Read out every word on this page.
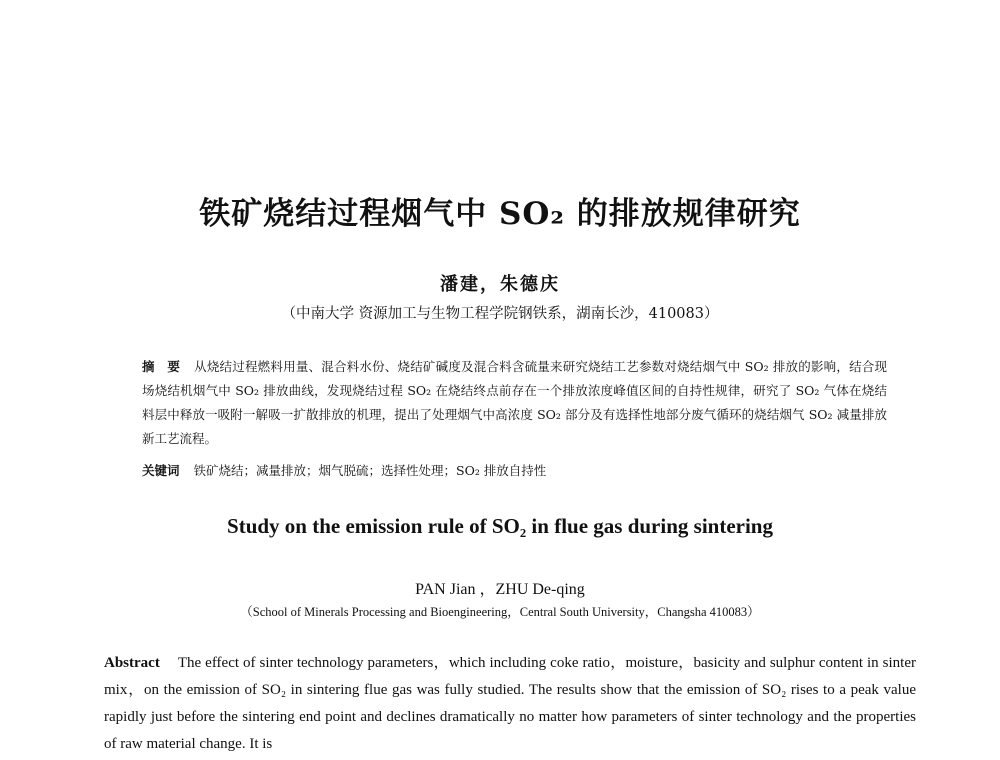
铁矿烧结过程烟气中 SO₂ 的排放规律研究
潘建，朱德庆
（中南大学 资源加工与生物工程学院钢铁系，湖南长沙，410083）
摘　要 从烧结过程燃料用量、混合料水份、烧结矿碱度及混合料含硫量来研究烧结工艺参数对烧结烟气中 SO₂ 排放的影响，结合现场烧结机烟气中 SO₂ 排放曲线，发现烧结过程 SO₂ 在烧结终点前存在一个排放浓度峰值区间的自持性规律，研究了 SO₂ 气体在烧结料层中释放一吸附一解吸一扩散排放的机理，提出了处理烟气中高浓度 SO₂ 部分及有选择性地部分废气循环的烧结烟气 SO₂ 减量排放新工艺流程。
关键词 铁矿烧结；减量排放；烟气脱硫；选择性处理；SO₂ 排放自持性
Study on the emission rule of SO₂ in flue gas during sintering
PAN Jian ，ZHU De-qing
（School of Minerals Processing and Bioengineering，Central South University，Changsha 410083）
Abstract The effect of sinter technology parameters，which including coke ratio，moisture，basicity and sulphur content in sinter mix，on the emission of SO₂ in sintering flue gas was fully studied. The results show that the emission of SO₂ rises to a peak value rapidly just before the sintering end point and declines dramatically no matter how parameters of sinter technology and the properties of raw material change. It is
